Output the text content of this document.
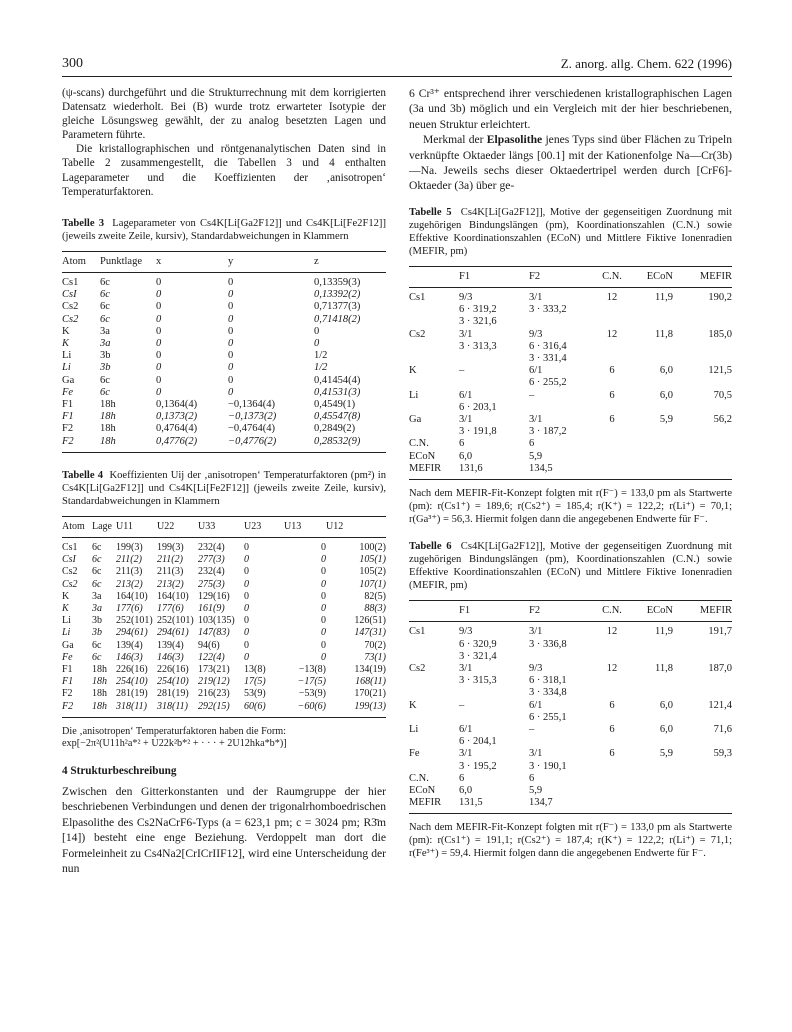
300	Z. anorg. allg. Chem. 622 (1996)

(ψ-scans) durchgeführt und die Strukturrechnung mit dem korrigierten Datensatz wiederholt. Bei (B) wurde trotz erwarteter Isotypie der gleiche Lösungsweg gewählt, der zu analog besetzten Lagen und Parametern führte.

Die kristallographischen und röntgenanalytischen Daten sind in Tabelle 2 zusammengestellt, die Tabellen 3 und 4 enthalten Lageparameter und die Koeffizienten der ‚anisotropen‘ Temperaturfaktoren.

Tabelle 3 Lageparameter von Cs4K[Li[Ga2F12]] und Cs4K[Li[Fe2F12]] (jeweils zweite Zeile, kursiv), Standardabweichungen in Klammern

Atom	Punktlage	x	y	z
Cs1	6c	0	0	0,13359(3)
CsI	6c	0	0	0,13392(2)
Cs2	6c	0	0	0,71377(3)
Cs2	6c	0	0	0,71418(2)
K	3a	0	0	0
K	3a	0	0	0
Li	3b	0	0	1/2
Li	3b	0	0	1/2
Ga	6c	0	0	0,41454(4)
Fe	6c	0	0	0,41531(3)
F1	18h	0,1364(4)	−0,1364(4)	0,4549(1)
F1	18h	0,1373(2)	−0,1373(2)	0,45547(8)
F2	18h	0,4764(4)	−0,4764(4)	0,2849(2)
F2	18h	0,4776(2)	−0,4776(2)	0,28532(9)

Tabelle 4 Koeffizienten Uij der ‚anisotropen‘ Temperaturfaktoren (pm²) in Cs4K[Li[Ga2F12]] und Cs4K[Li[Fe2F12]] (jeweils zweite Zeile, kursiv), Standardabweichungen in Klammern

Atom	Lage	U11	U22	U33	U23	U13	U12
Cs1	6c	199(3)	199(3)	232(4)	0	0	100(2)
CsI	6c	211(2)	211(2)	277(3)	0	0	105(1)
Cs2	6c	211(3)	211(3)	232(4)	0	0	105(2)
Cs2	6c	213(2)	213(2)	275(3)	0	0	107(1)
K	3a	164(10)	164(10)	129(16)	0	0	82(5)
K	3a	177(6)	177(6)	161(9)	0	0	88(3)
Li	3b	252(101)	252(101)	103(135)	0	0	126(51)
Li	3b	294(61)	294(61)	147(83)	0	0	147(31)
Ga	6c	139(4)	139(4)	94(6)	0	0	70(2)
Fe	6c	146(3)	146(3)	122(4)	0	0	73(1)
F1	18h	226(16)	226(16)	173(21)	13(8)	−13(8)	134(19)
F1	18h	254(10)	254(10)	219(12)	17(5)	−17(5)	168(11)
F2	18h	281(19)	281(19)	216(23)	53(9)	−53(9)	170(21)
F2	18h	318(11)	318(11)	292(15)	60(6)	−60(6)	199(13)

Die ‚anisotropen‘ Temperaturfaktoren haben die Form:

exp[−2π²(U11h²a*² + U22k²b*² + · · · + 2U12hka*b*)]

4 Strukturbeschreibung

Zwischen den Gitterkonstanten und der Raumgruppe der hier beschriebenen Verbindungen und denen der trigonalrhomboedrischen Elpasolithe des Cs2NaCrF6-Typs (a = 623,1 pm; c = 3024 pm; R3̄m [14]) besteht eine enge Beziehung. Verdoppelt man dort die Formeleinheit zu Cs4Na2[CrICrIIF12], wird eine Unterscheidung der nun

6 Cr³⁺ entsprechend ihrer verschiedenen kristallographischen Lagen (3a und 3b) möglich und ein Vergleich mit der hier beschriebenen, neuen Struktur erleichtert.

Merkmal der Elpasolithe jenes Typs sind über Flächen zu Tripeln verknüpfte Oktaeder längs [00.1] mit der Kationenfolge Na—Cr(3b)—Na. Jeweils sechs dieser Oktaedertripel werden durch [CrF6]-Oktaeder (3a) über ge-

Tabelle 5 Cs4K[Li[Ga2F12]], Motive der gegenseitigen Zuordnung mit zugehörigen Bindungslängen (pm), Koordinationszahlen (C.N.) sowie Effektive Koordinationszahlen (ECoN) und Mittlere Fiktive Ionenradien (MEFIR, pm)

	F1	F2	C.N.	ECoN	MEFIR
Cs1	9/3	3/1	12	11,9	190,2
	6 · 319,2	3 · 333,2			
	3 · 321,6				
Cs2	3/1	9/3	12	11,8	185,0
	3 · 313,3	6 · 316,4			
		3 · 331,4			
K	–	6/1	6	6,0	121,5
		6 · 255,2			
Li	6/1	–	6	6,0	70,5
	6 · 203,1				
Ga	3/1	3/1	6	5,9	56,2
	3 · 191,8	3 · 187,2			
C.N.	6	6			
ECoN	6,0	5,9			
MEFIR	131,6	134,5			

Nach dem MEFIR-Fit-Konzept folgten mit r(F⁻) = 133,0 pm als Startwerte (pm): r(Cs1⁺) = 189,6; r(Cs2⁺) = 185,4; r(K⁺) = 122,2; r(Li⁺) = 70,1; r(Ga³⁺) = 56,3. Hiermit folgen dann die angegebenen Endwerte für F⁻.

Tabelle 6 Cs4K[Li[Ga2F12]], Motive der gegenseitigen Zuordnung mit zugehörigen Bindungslängen (pm), Koordinationszahlen (C.N.) sowie Effektive Koordinationszahlen (ECoN) und Mittlere Fiktive Ionenradien (MEFIR, pm)

	F1	F2	C.N.	ECoN	MEFIR
Cs1	9/3	3/1	12	11,9	191,7
	6 · 320,9	3 · 336,8			
	3 · 321,4				
Cs2	3/1	9/3	12	11,8	187,0
	3 · 315,3	6 · 318,1			
		3 · 334,8			
K	–	6/1	6	6,0	121,4
		6 · 255,1			
Li	6/1	–	6	6,0	71,6
	6 · 204,1				
Fe	3/1	3/1	6	5,9	59,3
	3 · 195,2	3 · 190,1			
C.N.	6	6			
ECoN	6,0	5,9			
MEFIR	131,5	134,7			

Nach dem MEFIR-Fit-Konzept folgten mit r(F⁻) = 133,0 pm als Startwerte (pm): r(Cs1⁺) = 191,1; r(Cs2⁺) = 187,4; r(K⁺) = 122,2; r(Li⁺) = 71,1; r(Fe³⁺) = 59,4. Hiermit folgen dann die angegebenen Endwerte für F⁻.
